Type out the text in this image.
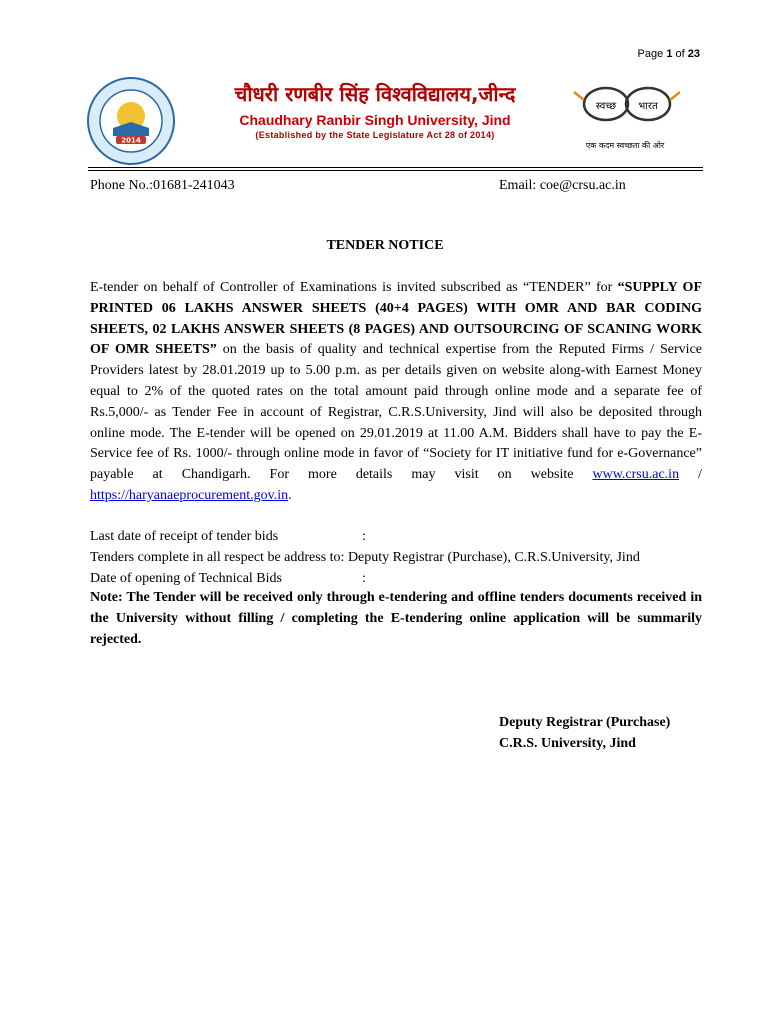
Page 1 of 23
2014
चौधरी रणबीर सिंह विश्वविद्यालय,जीन्द
Chaudhary Ranbir Singh University, Jind
(Established by the State Legislature Act 28 of 2014)
स्वच्छ भारत
एक कदम स्वच्छता की ओर
Phone No.:01681-241043	Email: coe@crsu.ac.in
TENDER NOTICE
E-tender on behalf of Controller of Examinations is invited subscribed as “TENDER” for “SUPPLY OF PRINTED 06 LAKHS ANSWER SHEETS (40+4 PAGES) WITH OMR AND BAR CODING SHEETS, 02 LAKHS ANSWER SHEETS (8 PAGES) AND OUTSOURCING OF SCANING WORK OF OMR SHEETS” on the basis of quality and technical expertise from the Reputed Firms / Service Providers latest by 28.01.2019 up to 5.00 p.m. as per details given on website along-with Earnest Money equal to 2% of the quoted rates on the total amount paid through online mode and a separate fee of Rs.5,000/- as Tender Fee in account of Registrar, C.R.S.University, Jind will also be deposited through online mode. The E-tender will be opened on 29.01.2019 at 11.00 A.M. Bidders shall have to pay the E-Service fee of Rs. 1000/- through online mode in favor of “Society for IT initiative fund for e-Governance” payable at Chandigarh. For more details may visit on website www.crsu.ac.in / https://haryanaeprocurement.gov.in.
Last date of receipt of tender bids	:
Tenders complete in all respect be address to: Deputy Registrar (Purchase), C.R.S.University, Jind
Date of opening of Technical Bids	:
Note: The Tender will be received only through e-tendering and offline tenders documents received in the University without filling / completing the E-tendering online application will be summarily rejected.
Deputy Registrar (Purchase)
C.R.S. University, Jind
